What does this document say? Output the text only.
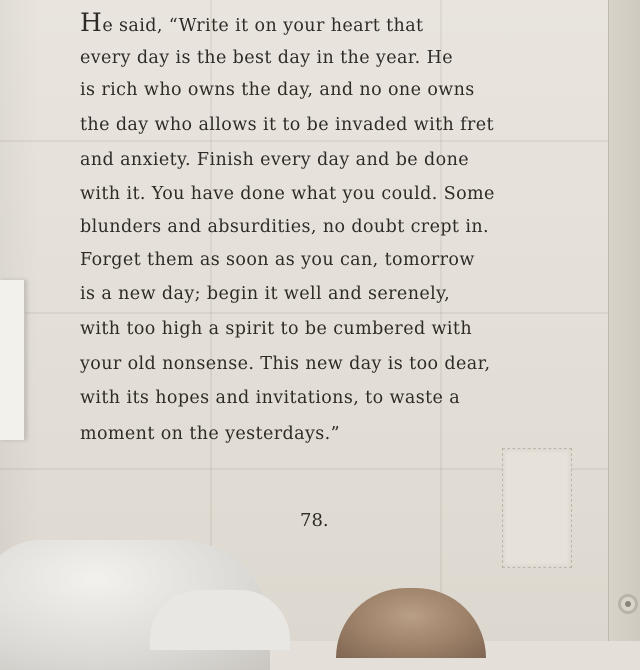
He said, “Write it on your heart that
every day is the best day in the year. He
is rich who owns the day, and no one owns
the day who allows it to be invaded with fret
and anxiety. Finish every day and be done
with it. You have done what you could. Some
blunders and absurdities, no doubt crept in.
Forget them as soon as you can, tomorrow
is a new day; begin it well and serenely,
with too high a spirit to be cumbered with
your old nonsense. This new day is too dear,
with its hopes and invitations, to waste a
moment on the yesterdays.”
78.
